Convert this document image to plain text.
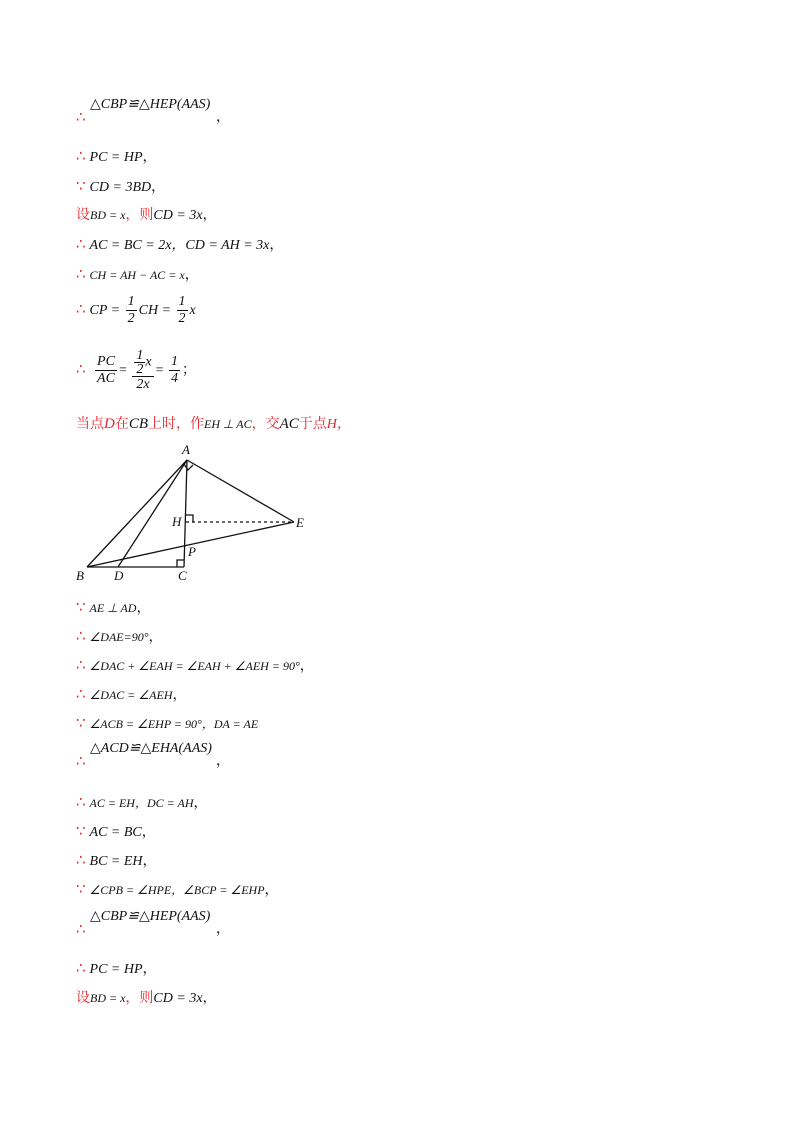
△CBP≌△HEP(AAS)
∴	，
∴ PC = HP，
∵ CD = 3BD，
设BD = x，则CD = 3x，
∴ AC = BC = 2x，CD = AH = 3x，
∴ CH = AH − AC = x，
∴ CP = $\frac{1}{2}$ CH = $\frac{1}{2}$ x
∴ $\frac{PC}{AC} = \frac{\frac{1}{2} x}{2x} = \frac{1}{4}$ ；
当点D在CB上时，作EH ⊥ AC，交AC于点H，
A
B D	C
E
H
P
∵ AE ⊥ AD，
∴ ∠DAE=90°，
∴ ∠DAC + ∠EAH = ∠EAH + ∠AEH = 90°，
∴ ∠DAC = ∠AEH，
∵ ∠ACB = ∠EHP = 90°，DA = AE
△ACD≌△EHA(AAS)
∴	，
∴ AC = EH，DC = AH，
∵ AC = BC，
∴ BC = EH，
∵ ∠CPB = ∠HPE，∠BCP = ∠EHP，
△CBP≌△HEP(AAS)
∴	，
∴ PC = HP，
设BD = x，则CD = 3x，
